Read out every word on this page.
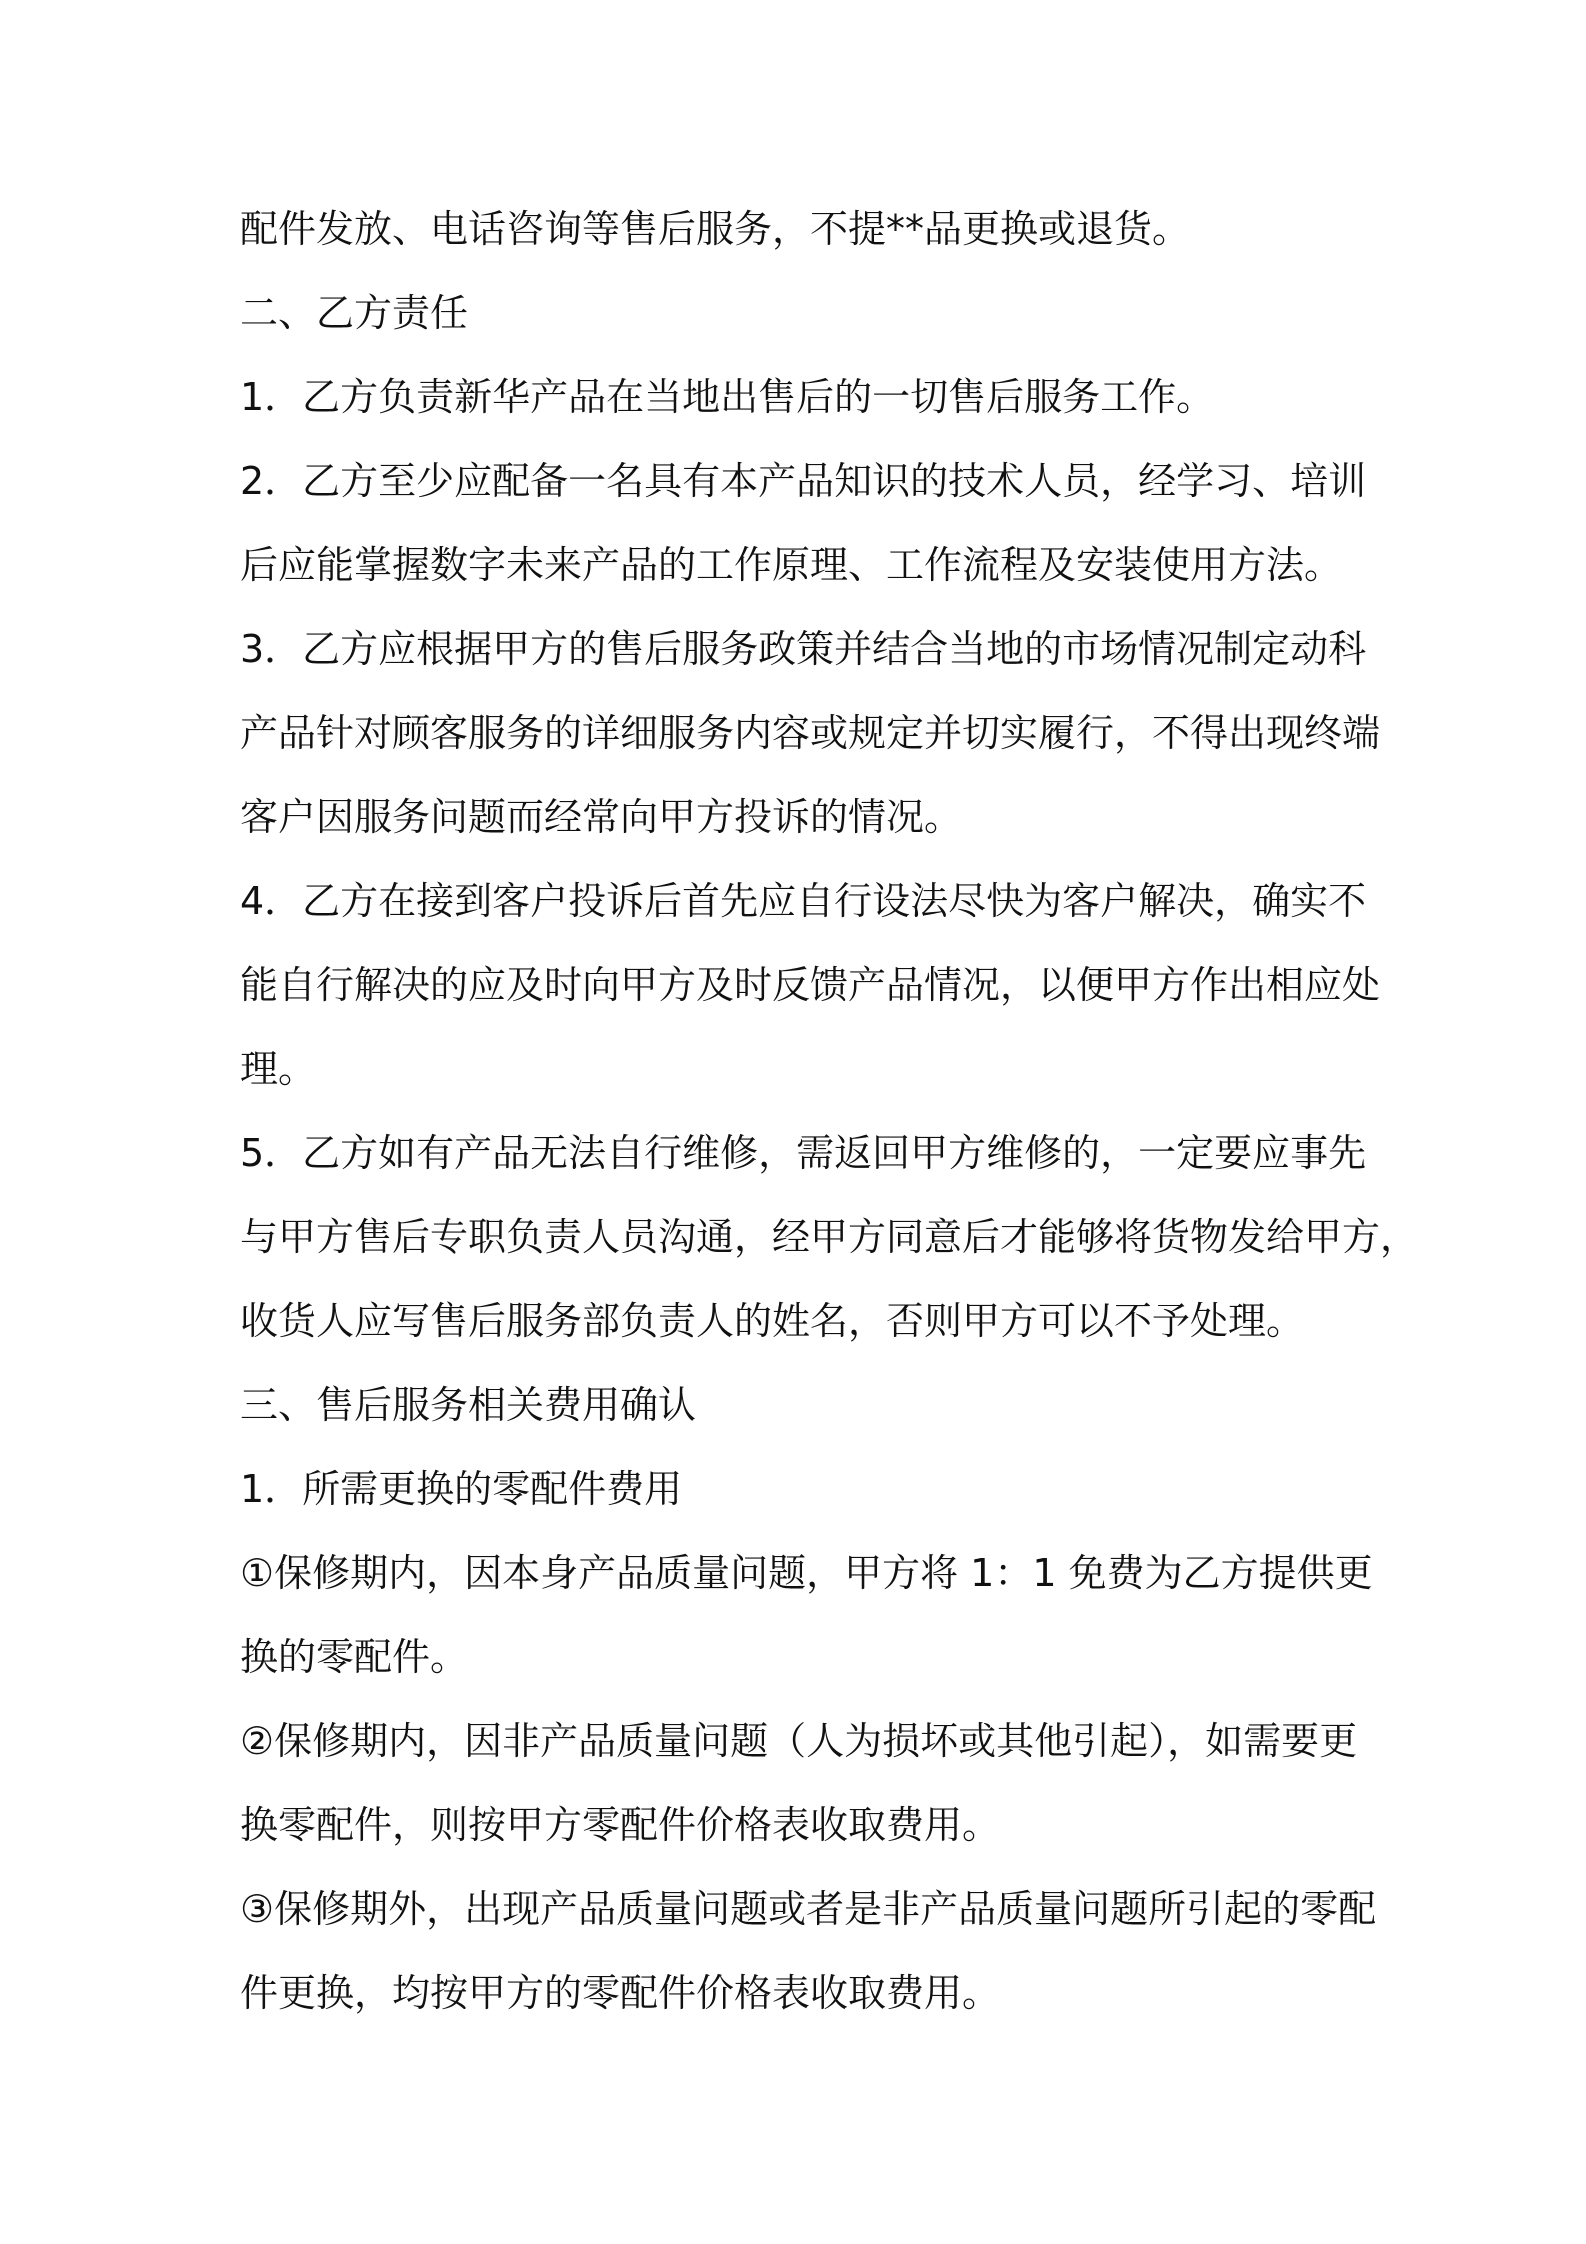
配件发放、电话咨询等售后服务，不提**品更换或退货。

二、乙方责任

1．乙方负责新华产品在当地出售后的一切售后服务工作。

2．乙方至少应配备一名具有本产品知识的技术人员，经学习、培训

后应能掌握数字未来产品的工作原理、工作流程及安装使用方法。

3．乙方应根据甲方的售后服务政策并结合当地的市场情况制定动科

产品针对顾客服务的详细服务内容或规定并切实履行，不得出现终端

客户因服务问题而经常向甲方投诉的情况。

4．乙方在接到客户投诉后首先应自行设法尽快为客户解决，确实不

能自行解决的应及时向甲方及时反馈产品情况，以便甲方作出相应处

理。

5．乙方如有产品无法自行维修，需返回甲方维修的，一定要应事先

与甲方售后专职负责人员沟通，经甲方同意后才能够将货物发给甲方，

收货人应写售后服务部负责人的姓名，否则甲方可以不予处理。

三、售后服务相关费用确认

1．所需更换的零配件费用

①保修期内，因本身产品质量问题，甲方将 1：1 免费为乙方提供更

换的零配件。

②保修期内，因非产品质量问题（人为损坏或其他引起），如需要更

换零配件，则按甲方零配件价格表收取费用。

③保修期外，出现产品质量问题或者是非产品质量问题所引起的零配

件更换，均按甲方的零配件价格表收取费用。
